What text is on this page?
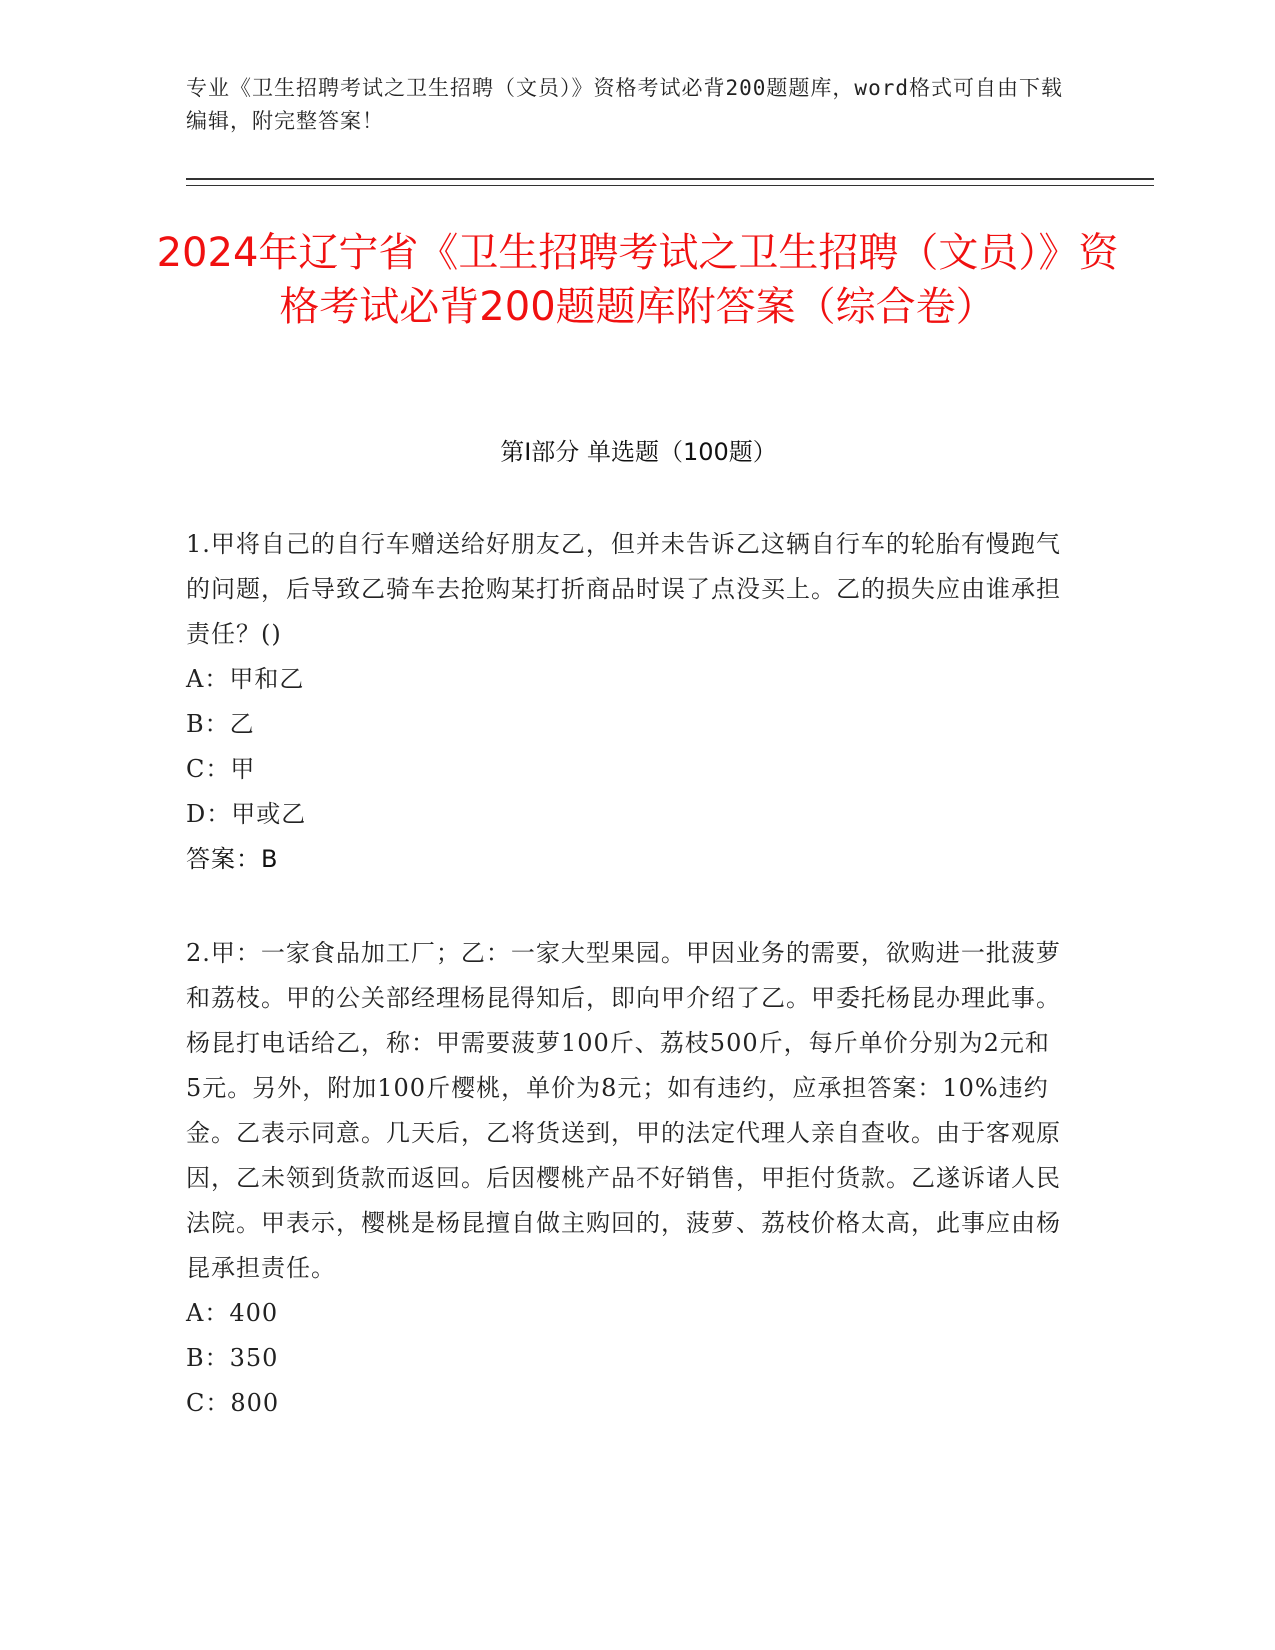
专业《卫生招聘考试之卫生招聘（文员）》资格考试必背200题题库，word格式可自由下载编辑，附完整答案！
2024年辽宁省《卫生招聘考试之卫生招聘（文员）》资格考试必背200题题库附答案（综合卷）
第Ⅰ部分 单选题（100题）

1.甲将自己的自行车赠送给好朋友乙，但并未告诉乙这辆自行车的轮胎有慢跑气的问题，后导致乙骑车去抢购某打折商品时误了点没买上。乙的损失应由谁承担责任？()

A：甲和乙

B：乙

C：甲

D：甲或乙

答案：B

2.甲：一家食品加工厂；乙：一家大型果园。甲因业务的需要，欲购进一批菠萝和荔枝。甲的公关部经理杨昆得知后，即向甲介绍了乙。甲委托杨昆办理此事。杨昆打电话给乙，称：甲需要菠萝100斤、荔枝500斤，每斤单价分别为2元和5元。另外，附加100斤樱桃，单价为8元；如有违约，应承担答案：10%违约金。乙表示同意。几天后，乙将货送到，甲的法定代理人亲自查收。由于客观原因，乙未领到货款而返回。后因樱桃产品不好销售，甲拒付货款。乙遂诉诸人民法院。甲表示，樱桃是杨昆擅自做主购回的，菠萝、荔枝价格太高，此事应由杨昆承担责任。

A：400

B：350

C：800
